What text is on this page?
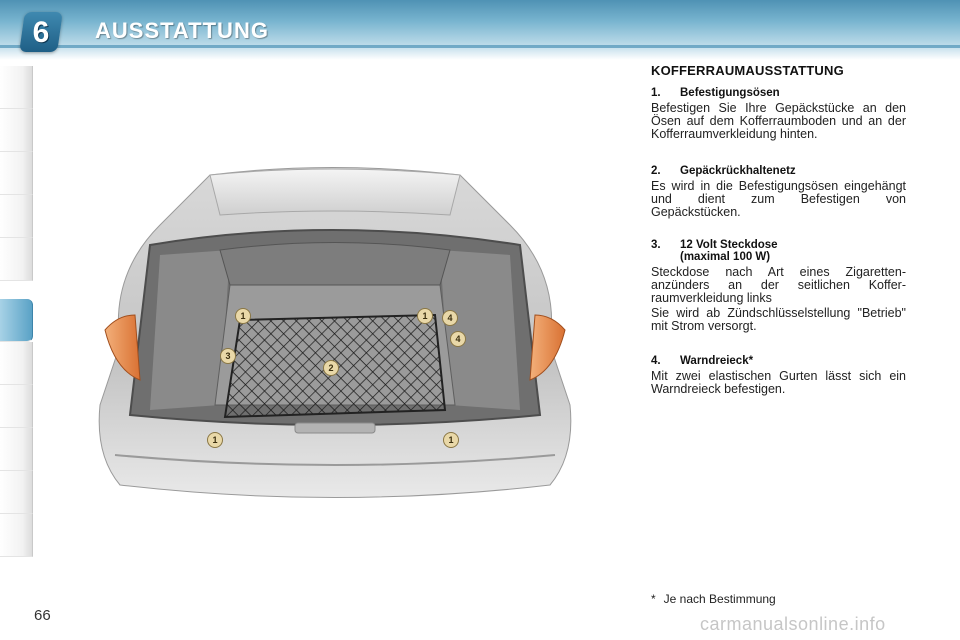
6	AUSSTATTUNG
1	1	4
4
3
2
1	1
KOFFERRAUMAUSSTATTUNG
1.	Befestigungsösen
Befestigen Sie Ihre Gepäckstücke an den Ösen auf dem Kofferraumboden und an der Kofferraumverkleidung hinten.
2.	Gepäckrückhaltenetz
Es wird in die Befestigungsösen eingehängt und dient zum Befestigen von Gepäckstücken.
3.	12 Volt Steckdose
(maximal 100 W)
Steckdose nach Art eines Zigaretten-anzünders an der seitlichen Koffer-raumverkleidung links
Sie wird ab Zündschlüsselstellung "Betrieb" mit Strom versorgt.
4.	Warndreieck*
Mit zwei elastischen Gurten lässt sich ein Warndreieck befestigen.
* Je nach Bestimmung
66	carmanualsonline.info
